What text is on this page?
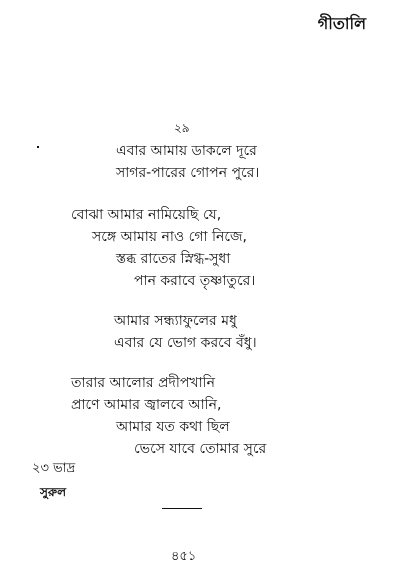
গীতালি
২৯
এবার আমায় ডাকলে দূরে
সাগর-পারের গোপন পুরে।
বোঝা আমার নামিয়েছি যে,
সঙ্গে আমায় নাও গো নিজে,
স্তব্ধ রাতের স্নিগ্ধ-সুধা
পান করাবে তৃষ্ণাতুরে।
আমার সন্ধ্যাফুলের মধু
এবার যে ভোগ করবে বঁধু।
তারার আলোর প্রদীপখানি
প্রাণে আমার জ্বালবে আনি,
আমার যত কথা ছিল
ভেসে যাবে তোমার সুরে
২৩ ভাদ্র
সুরুল
৪৫১
